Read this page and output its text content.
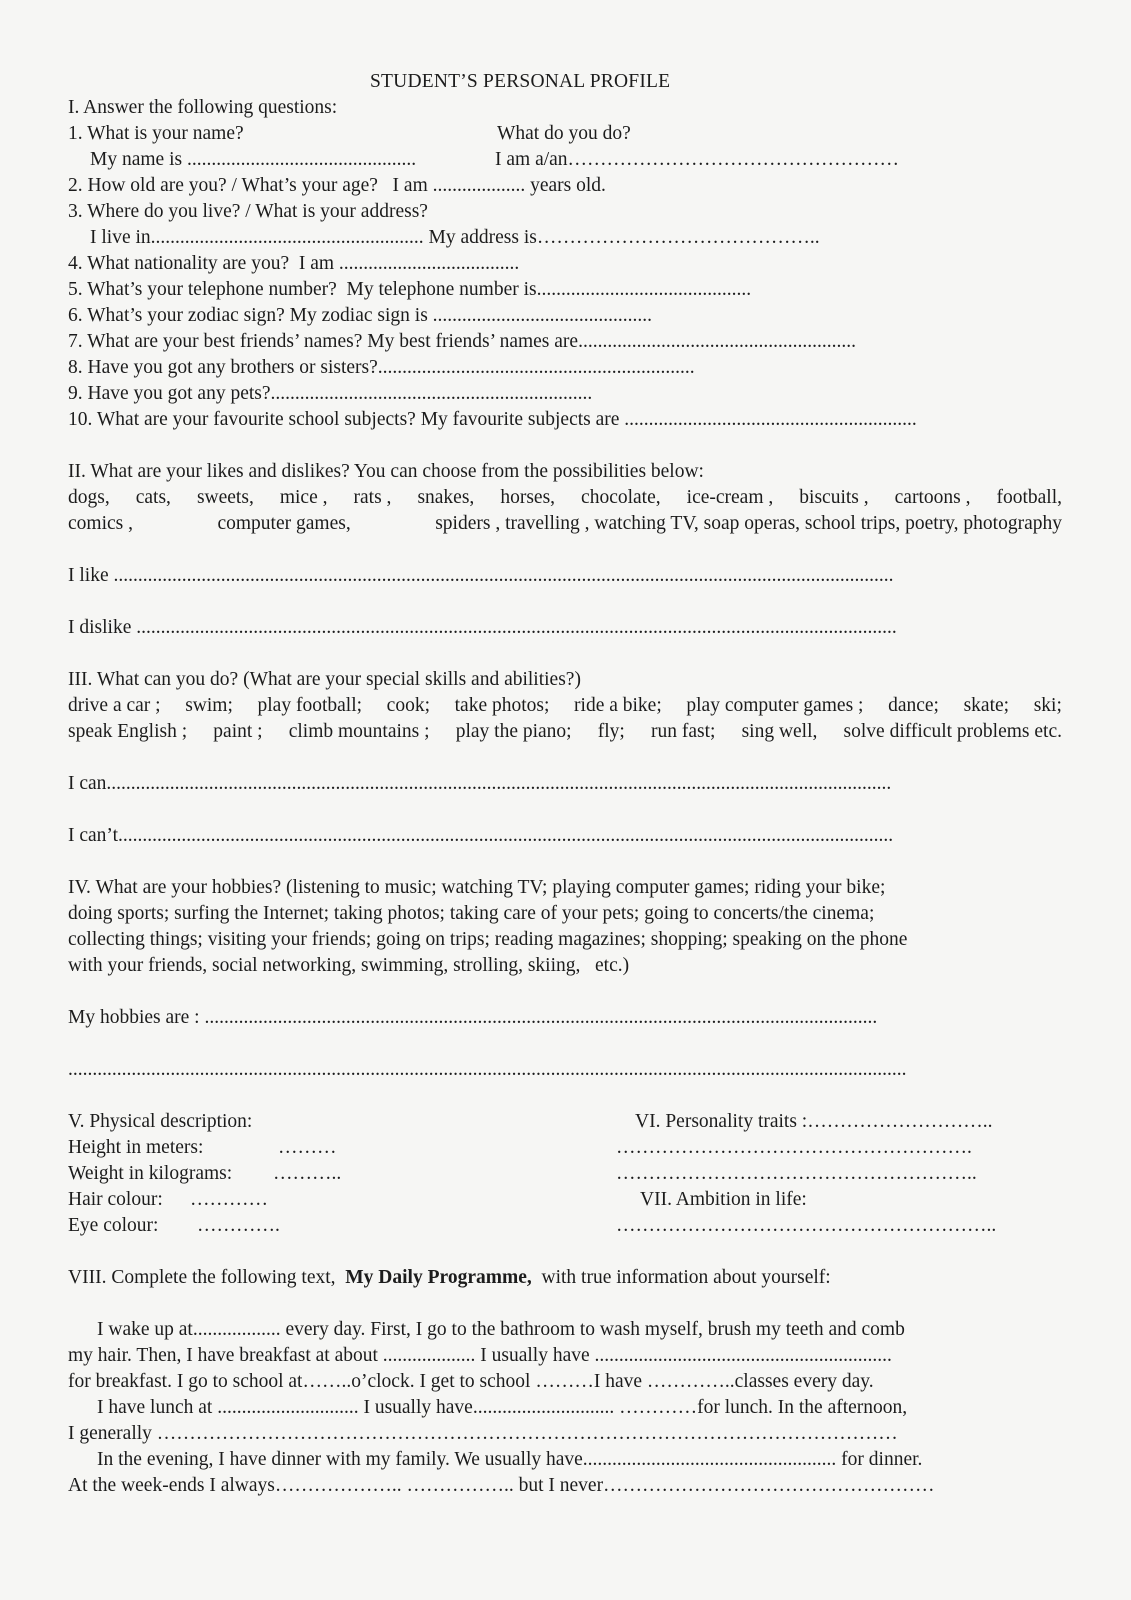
STUDENT’S PERSONAL PROFILE
I. Answer the following questions:
1. What is your name?	What do you do?
My name is ...............................................	I am a/an……………………………………………
2. How old are you? / What’s your age?   I am ................... years old.
3. Where do you live? / What is your address?
I live in........................................................ My address is……………………………………..
4. What nationality are you?  I am .....................................
5. What’s your telephone number?  My telephone number is............................................
6. What’s your zodiac sign? My zodiac sign is .............................................
7. What are your best friends’ names? My best friends’ names are.........................................................
8. Have you got any brothers or sisters?.................................................................
9. Have you got any pets?..................................................................
10. What are your favourite school subjects? My favourite subjects are ............................................................
II. What are your likes and dislikes? You can choose from the possibilities below:
dogs, cats, sweets, mice , rats , snakes, horses, chocolate, ice-cream , biscuits , cartoons , football,
comics ,	computer games,	spiders , travelling , watching TV, soap operas, school trips, poetry, photography
I like ................................................................................................................................................................
I dislike ............................................................................................................................................................
III. What can you do? (What are your special skills and abilities?)
drive a car ; swim; play football; cook; take photos; ride a bike; play computer games ; dance; skate; ski;
speak English ; paint ; climb mountains ; play the piano; fly; run fast; sing well, solve difficult problems etc.
I can.................................................................................................................................................................
I can’t...............................................................................................................................................................
IV. What are your hobbies? (listening to music; watching TV; playing computer games; riding your bike;
doing sports; surfing the Internet; taking photos; taking care of your pets; going to concerts/the cinema;
collecting things; visiting your friends; going on trips; reading magazines; shopping; speaking on the phone
with your friends, social networking, swimming, strolling, skiing,   etc.)
My hobbies are : ..........................................................................................................................................
............................................................................................................................................................................
V. Physical description:
Height in meters:	………
Weight in kilograms: ………..
Hair colour: …………
Eye colour: ………….
VI. Personality traits :………………………..
……………………………………………….
………………………………………………..
VII. Ambition in life:
…………………………………………………..
VIII. Complete the following text,  My Daily Programme,  with true information about yourself:
I wake up at.................. every day. First, I go to the bathroom to wash myself, brush my teeth and comb
my hair. Then, I have breakfast at about ................... I usually have .............................................................
for breakfast. I go to school at……..o’clock. I get to school ………I have …………..classes every day.
I have lunch at ............................. I usually have............................. …………for lunch. In the afternoon,
I generally ……………………………………………………………………………………………………
In the evening, I have dinner with my family. We usually have.................................................... for dinner.
At the week-ends I always……………….. …………….. but I never……………………………………………
